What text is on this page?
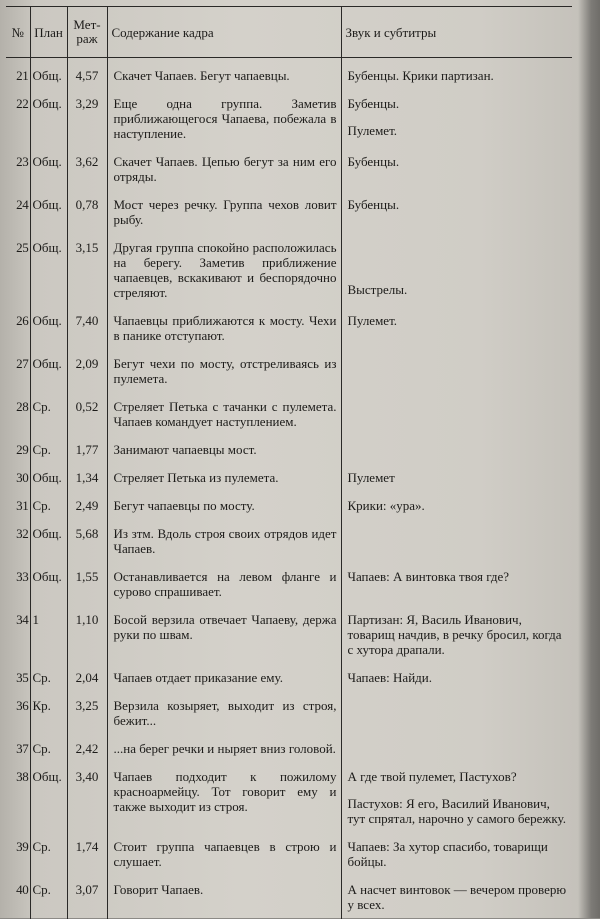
№	План	Мет-
раж	Содержание кадра	Звук и субтитры
21	Общ.	4,57	Скачет Чапаев. Бегут чапаевцы.	Бубенцы. Крики партизан.

22	Общ.	3,29	Еще одна группа. Заметив приближающегося Чапаева, побежала в наступление.	Бубенцы.
Пулемет.

23	Общ.	3,62	Скачет Чапаев. Цепью бегут за ним его отряды.	Бубенцы.

24	Общ.	0,78	Мост через речку. Группа чехов ловит рыбу.	Бубенцы.

25	Общ.	3,15	Другая группа спокойно расположилась на берегу. Заметив приближение чапаевцев, вскакивают и беспорядочно стреляют.	Выстрелы.

26	Общ.	7,40	Чапаевцы приближаются к мосту. Чехи в панике отступают.	Пулемет.

27	Общ.	2,09	Бегут чехи по мосту, отстреливаясь из пулемета.	

28	Ср.	0,52	Стреляет Петька с тачанки с пулемета. Чапаев командует наступлением.	

29	Ср.	1,77	Занимают чапаевцы мост.	

30	Общ.	1,34	Стреляет Петька из пулемета.	Пулемет

31	Ср.	2,49	Бегут чапаевцы по мосту.	Крики: «ура».

32	Общ.	5,68	Из зтм. Вдоль строя своих отрядов идет Чапаев.	

33	Общ.	1,55	Останавливается на левом фланге и сурово спрашивает.	Чапаев: А винтовка твоя где?

34	1	1,10	Босой верзила отвечает Чапаеву, держа руки по швам.	Партизан: Я, Василь Иванович, товарищ начдив, в речку бросил, когда с хутора драпали.

35	Ср.	2,04	Чапаев отдает приказание ему.	Чапаев: Найди.

36	Кр.	3,25	Верзила козыряет, выходит из строя, бежит...	

37	Ср.	2,42	...на берег речки и ныряет вниз головой.	

38	Общ.	3,40	Чапаев подходит к пожилому красноармейцу. Тот говорит ему и также выходит из строя.	А где твой пулемет, Пастухов?
Пастухов: Я его, Василий Иванович, тут спрятал, нарочно у самого бережку.

39	Ср.	1,74	Стоит группа чапаевцев в строю и слушает.	Чапаев: За хутор спасибо, товарищи бойцы.

40	Ср.	3,07	Говорит Чапаев.	А насчет винтовок — вечером проверю у всех.
